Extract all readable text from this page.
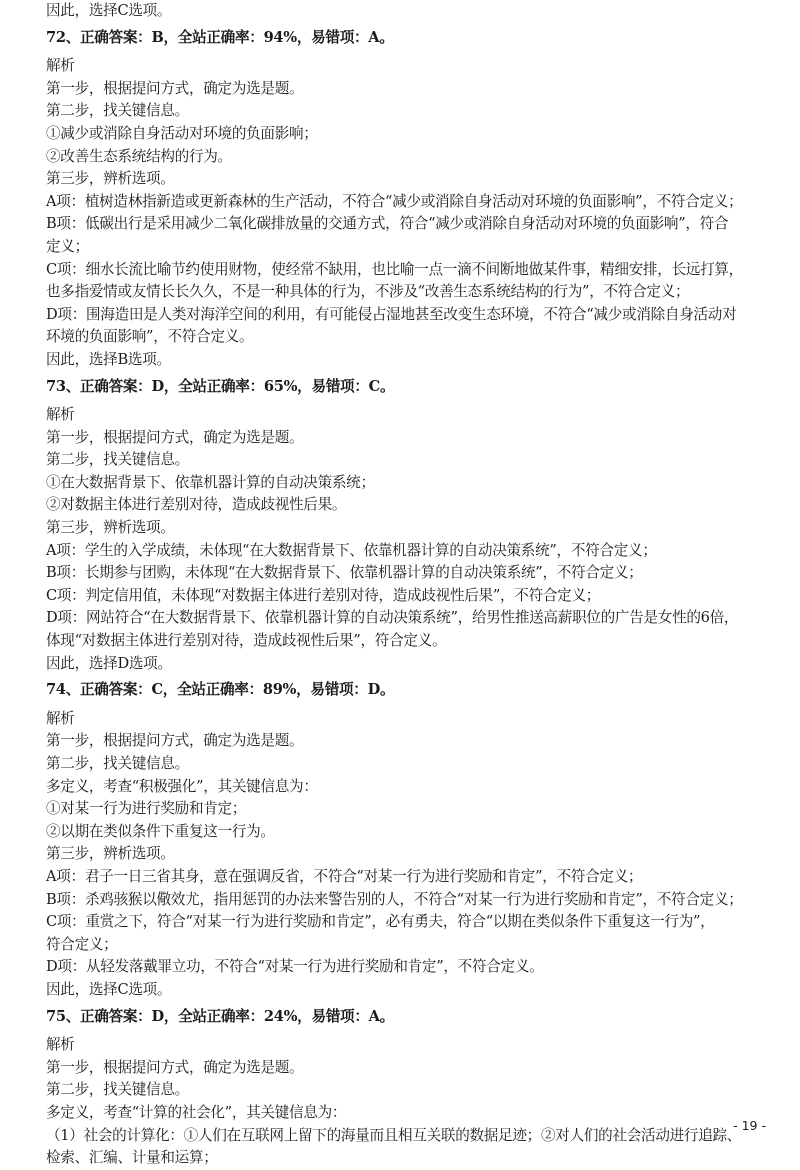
因此，选择C选项。
72、正确答案：B，全站正确率：94%，易错项：A。
解析
第一步，根据提问方式，确定为选是题。
第二步，找关键信息。
①减少或消除自身活动对环境的负面影响；
②改善生态系统结构的行为。
第三步，辨析选项。
A项：植树造林指新造或更新森林的生产活动，不符合“减少或消除自身活动对环境的负面影响”，不符合定义；
B项：低碳出行是采用减少二氧化碳排放量的交通方式，符合“减少或消除自身活动对环境的负面影响”，符合
定义；
C项：细水长流比喻节约使用财物，使经常不缺用，也比喻一点一滴不间断地做某件事，精细安排，长远打算，
也多指爱情或友情长长久久，不是一种具体的行为，不涉及“改善生态系统结构的行为”，不符合定义；
D项：围海造田是人类对海洋空间的利用，有可能侵占湿地甚至改变生态环境，不符合“减少或消除自身活动对
环境的负面影响”，不符合定义。
因此，选择B选项。
73、正确答案：D，全站正确率：65%，易错项：C。
解析
第一步，根据提问方式，确定为选是题。
第二步，找关键信息。
①在大数据背景下、依靠机器计算的自动决策系统；
②对数据主体进行差别对待，造成歧视性后果。
第三步，辨析选项。
A项：学生的入学成绩，未体现“在大数据背景下、依靠机器计算的自动决策系统”，不符合定义；
B项：长期参与团购，未体现“在大数据背景下、依靠机器计算的自动决策系统”，不符合定义；
C项：判定信用值，未体现“对数据主体进行差别对待，造成歧视性后果”，不符合定义；
D项：网站符合“在大数据背景下、依靠机器计算的自动决策系统”，给男性推送高薪职位的广告是女性的6倍，
体现“对数据主体进行差别对待，造成歧视性后果”，符合定义。
因此，选择D选项。
74、正确答案：C，全站正确率：89%，易错项：D。
解析
第一步，根据提问方式，确定为选是题。
第二步，找关键信息。
多定义，考查“积极强化”，其关键信息为：
①对某一行为进行奖励和肯定；
②以期在类似条件下重复这一行为。
第三步，辨析选项。
A项：君子一日三省其身，意在强调反省，不符合“对某一行为进行奖励和肯定”，不符合定义；
B项：杀鸡骇猴以儆效尤，指用惩罚的办法来警告别的人，不符合“对某一行为进行奖励和肯定”，不符合定义；
C项：重赏之下，符合“对某一行为进行奖励和肯定”，必有勇夫，符合“以期在类似条件下重复这一行为”，
符合定义；
D项：从轻发落戴罪立功，不符合“对某一行为进行奖励和肯定”，不符合定义。
因此，选择C选项。
75、正确答案：D，全站正确率：24%，易错项：A。
解析
第一步，根据提问方式，确定为选是题。
第二步，找关键信息。
多定义，考查“计算的社会化”，其关键信息为：
（1）社会的计算化：①人们在互联网上留下的海量而且相互关联的数据足迹；②对人们的社会活动进行追踪、
检索、汇编、计量和运算；
- 19 -
